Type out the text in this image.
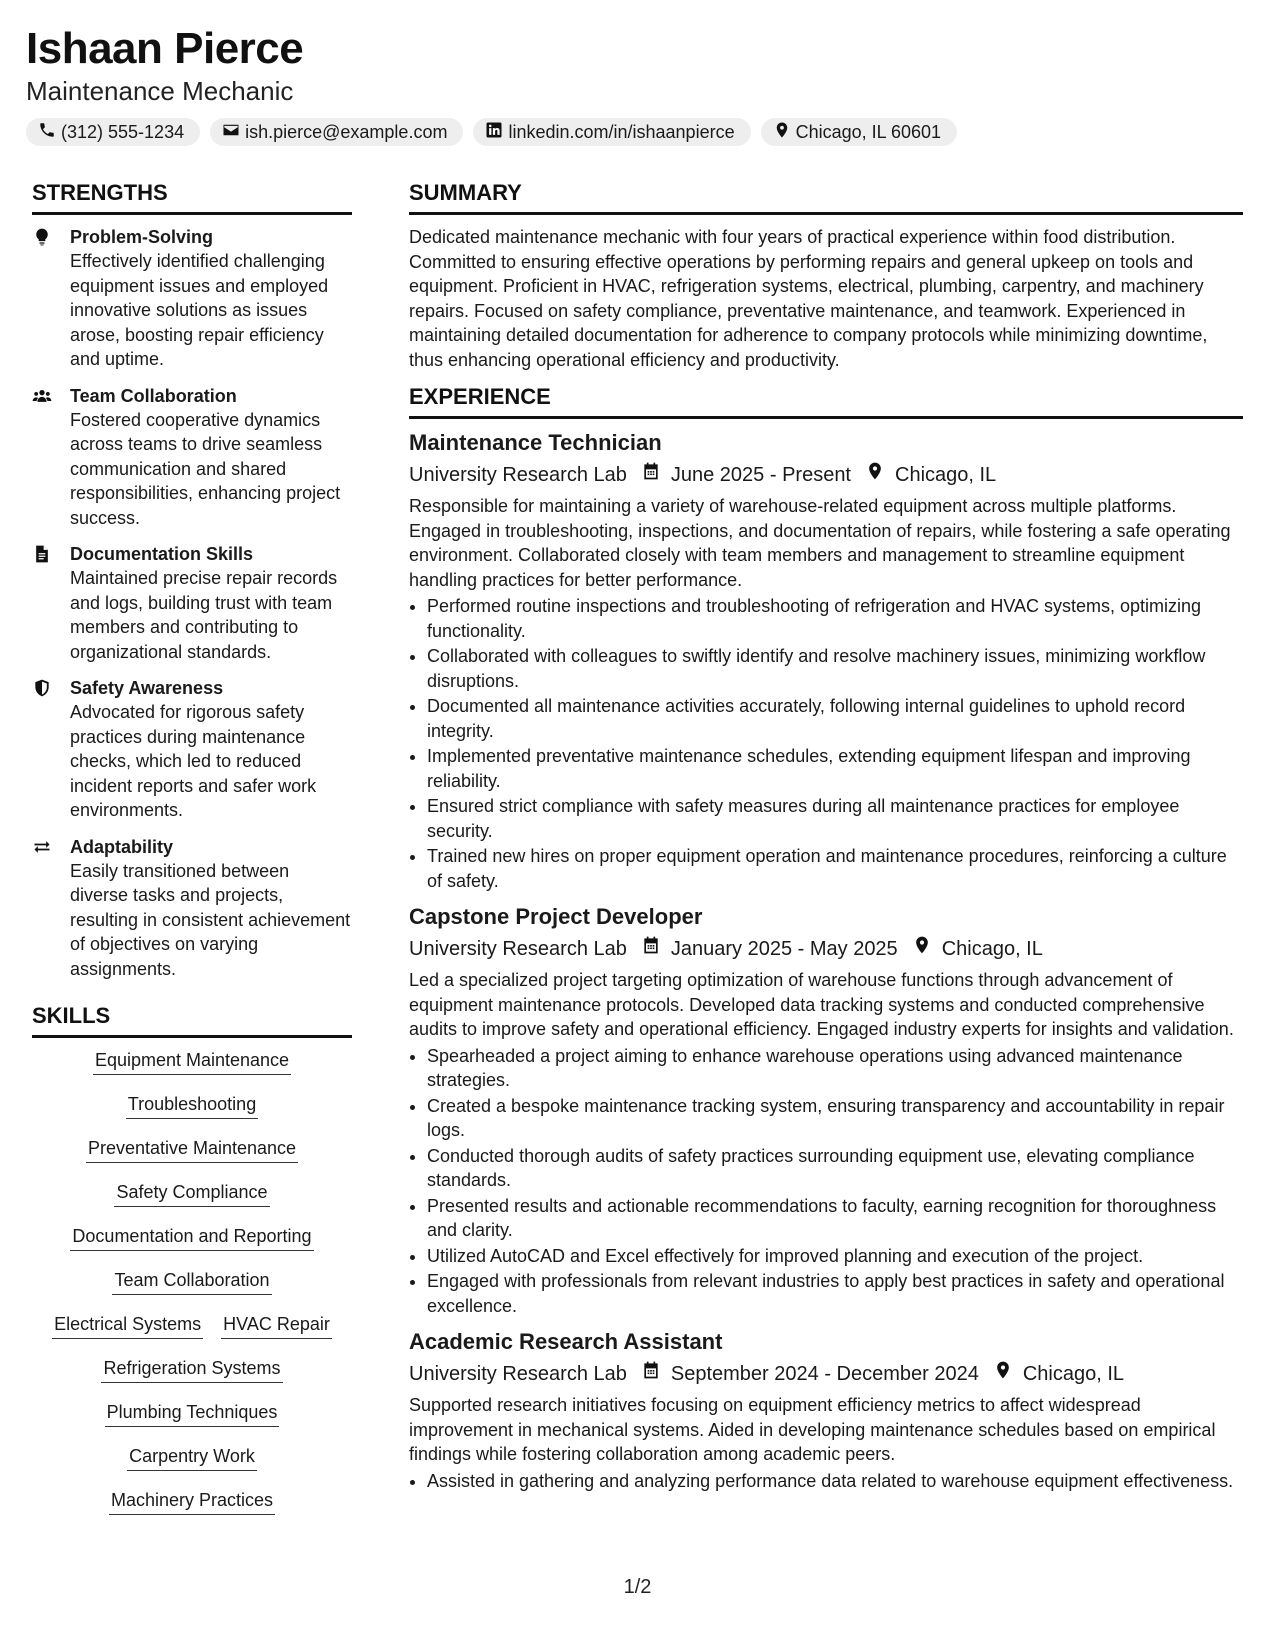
Ishaan Pierce
Maintenance Mechanic
(312) 555-1234	ish.pierce@example.com	linkedin.com/in/ishaanpierce	Chicago, IL 60601
STRENGTHS
Problem-Solving
Effectively identified challenging equipment issues and employed innovative solutions as issues arose, boosting repair efficiency and uptime.
Team Collaboration
Fostered cooperative dynamics across teams to drive seamless communication and shared responsibilities, enhancing project success.
Documentation Skills
Maintained precise repair records and logs, building trust with team members and contributing to organizational standards.
Safety Awareness
Advocated for rigorous safety practices during maintenance checks, which led to reduced incident reports and safer work environments.
Adaptability
Easily transitioned between diverse tasks and projects, resulting in consistent achievement of objectives on varying assignments.
SKILLS
Equipment Maintenance
Troubleshooting
Preventative Maintenance
Safety Compliance
Documentation and Reporting
Team Collaboration
Electrical Systems HVAC Repair
Refrigeration Systems
Plumbing Techniques
Carpentry Work
Machinery Practices
SUMMARY
Dedicated maintenance mechanic with four years of practical experience within food distribution. Committed to ensuring effective operations by performing repairs and general upkeep on tools and equipment. Proficient in HVAC, refrigeration systems, electrical, plumbing, carpentry, and machinery repairs. Focused on safety compliance, preventative maintenance, and teamwork. Experienced in maintaining detailed documentation for adherence to company protocols while minimizing downtime, thus enhancing operational efficiency and productivity.
EXPERIENCE
Maintenance Technician
University Research Lab June 2025 - Present Chicago, IL
Responsible for maintaining a variety of warehouse-related equipment across multiple platforms. Engaged in troubleshooting, inspections, and documentation of repairs, while fostering a safe operating environment. Collaborated closely with team members and management to streamline equipment handling practices for better performance.
• Performed routine inspections and troubleshooting of refrigeration and HVAC systems, optimizing functionality.
• Collaborated with colleagues to swiftly identify and resolve machinery issues, minimizing workflow disruptions.
• Documented all maintenance activities accurately, following internal guidelines to uphold record integrity.
• Implemented preventative maintenance schedules, extending equipment lifespan and improving reliability.
• Ensured strict compliance with safety measures during all maintenance practices for employee security.
• Trained new hires on proper equipment operation and maintenance procedures, reinforcing a culture of safety.
Capstone Project Developer
University Research Lab January 2025 - May 2025 Chicago, IL
Led a specialized project targeting optimization of warehouse functions through advancement of equipment maintenance protocols. Developed data tracking systems and conducted comprehensive audits to improve safety and operational efficiency. Engaged industry experts for insights and validation.
• Spearheaded a project aiming to enhance warehouse operations using advanced maintenance strategies.
• Created a bespoke maintenance tracking system, ensuring transparency and accountability in repair logs.
• Conducted thorough audits of safety practices surrounding equipment use, elevating compliance standards.
• Presented results and actionable recommendations to faculty, earning recognition for thoroughness and clarity.
• Utilized AutoCAD and Excel effectively for improved planning and execution of the project.
• Engaged with professionals from relevant industries to apply best practices in safety and operational excellence.
Academic Research Assistant
University Research Lab September 2024 - December 2024 Chicago, IL
Supported research initiatives focusing on equipment efficiency metrics to affect widespread improvement in mechanical systems. Aided in developing maintenance schedules based on empirical findings while fostering collaboration among academic peers.
• Assisted in gathering and analyzing performance data related to warehouse equipment effectiveness.
1/2
